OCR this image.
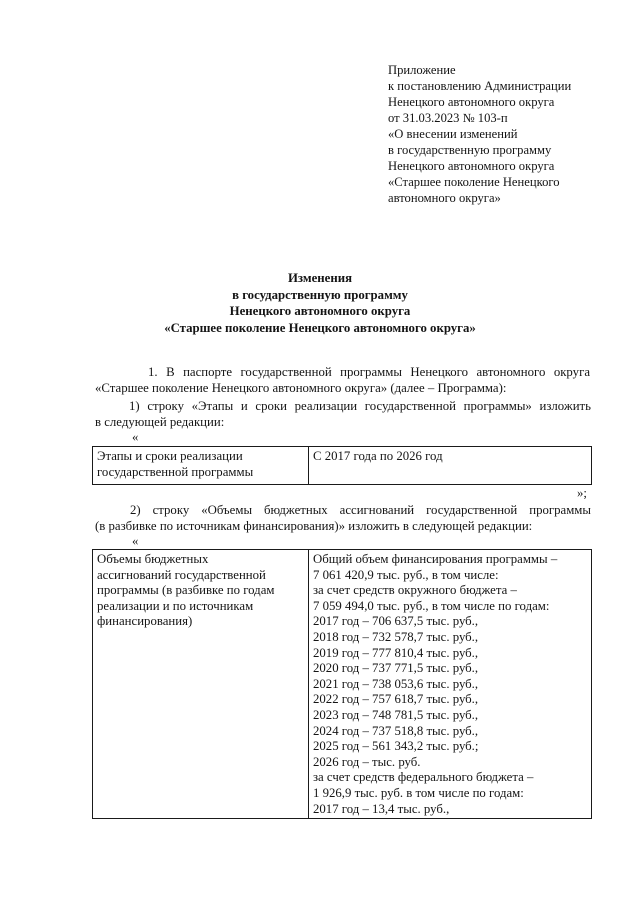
Приложение
к постановлению Администрации
Ненецкого автономного округа
от 31.03.2023 № 103-п
«О внесении изменений
в государственную программу
Ненецкого автономного округа
«Старшее поколение Ненецкого
автономного округа»
Изменения
в государственную программу
Ненецкого автономного округа
«Старшее поколение Ненецкого автономного округа»
1. В паспорте государственной программы Ненецкого автономного округа
«Старшее поколение Ненецкого автономного округа» (далее – Программа):
1) строку «Этапы и сроки реализации государственной программы» изложить
в следующей редакции:
«
Этапы и сроки реализации
государственной программы

С 2017 года по 2026 год
»;
2) строку «Объемы бюджетных ассигнований государственной программы
(в разбивке по источникам финансирования)» изложить в следующей редакции:
«
Объемы бюджетных
ассигнований государственной
программы (в разбивке по годам
реализации и по источникам
финансирования)

Общий объем финансирования программы –
7 061 420,9 тыс. руб., в том числе:
за счет средств окружного бюджета –
7 059 494,0 тыс. руб., в том числе по годам:
2017 год – 706 637,5 тыс. руб.,
2018 год – 732 578,7 тыс. руб.,
2019 год – 777 810,4 тыс. руб.,
2020 год – 737 771,5 тыс. руб.,
2021 год – 738 053,6 тыс. руб.,
2022 год – 757 618,7 тыс. руб.,
2023 год – 748 781,5 тыс. руб.,
2024 год – 737 518,8 тыс. руб.,
2025 год – 561 343,2 тыс. руб.;
2026 год – тыс. руб.
за счет средств федерального бюджета –
1 926,9 тыс. руб. в том числе по годам:
2017 год – 13,4 тыс. руб.,
